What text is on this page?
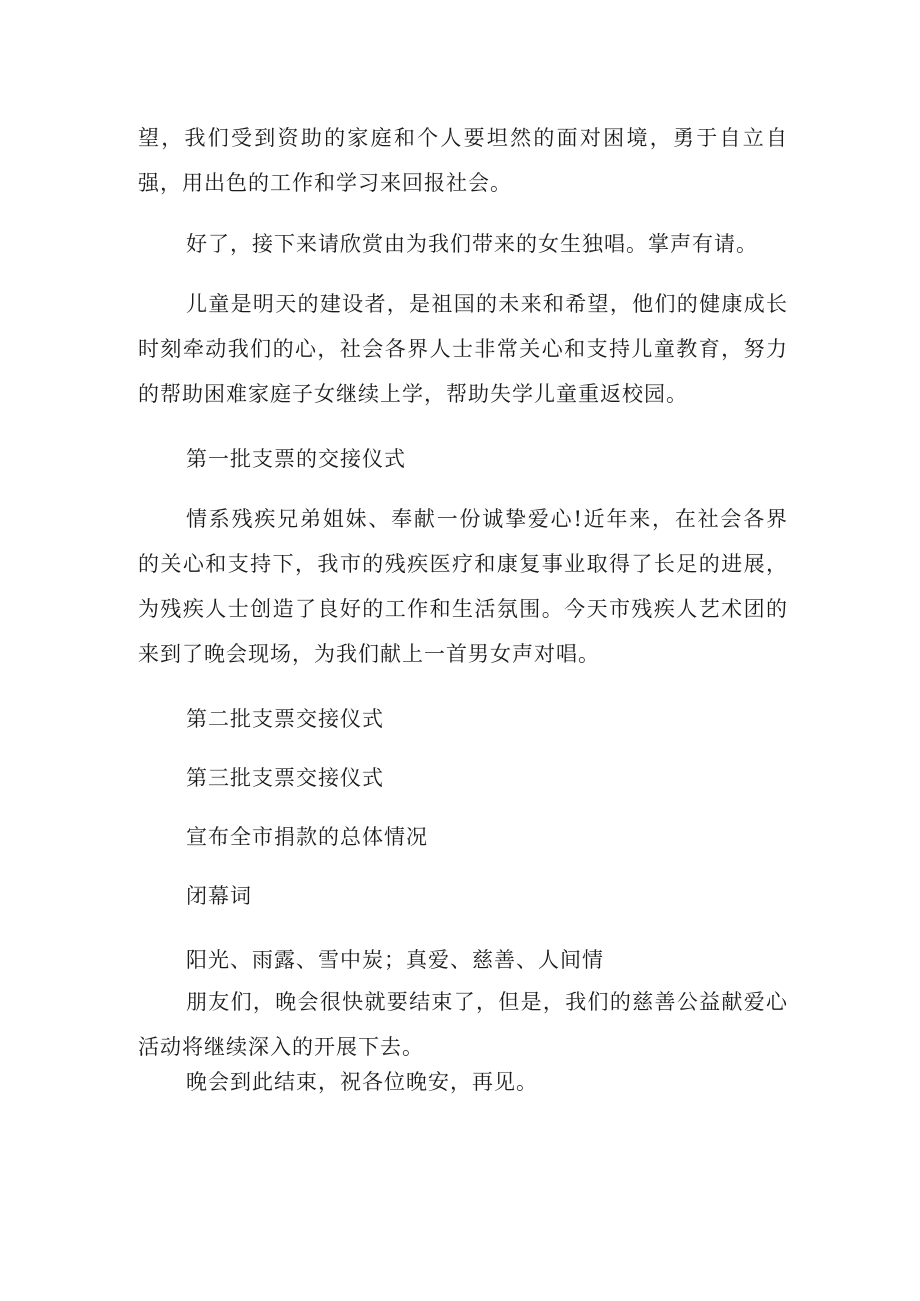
望，我们受到资助的家庭和个人要坦然的面对困境，勇于自立自强，用出色的工作和学习来回报社会。

好了，接下来请欣赏由为我们带来的女生独唱。掌声有请。

儿童是明天的建设者，是祖国的未来和希望，他们的健康成长时刻牵动我们的心，社会各界人士非常关心和支持儿童教育，努力的帮助困难家庭子女继续上学，帮助失学儿童重返校园。

第一批支票的交接仪式

情系残疾兄弟姐妹、奉献一份诚挚爱心!近年来，在社会各界的关心和支持下，我市的残疾医疗和康复事业取得了长足的进展，为残疾人士创造了良好的工作和生活氛围。今天市残疾人艺术团的来到了晚会现场，为我们献上一首男女声对唱。

第二批支票交接仪式

第三批支票交接仪式

宣布全市捐款的总体情况

闭幕词

阳光、雨露、雪中炭；真爱、慈善、人间情

朋友们，晚会很快就要结束了，但是，我们的慈善公益献爱心活动将继续深入的开展下去。

晚会到此结束，祝各位晚安，再见。
